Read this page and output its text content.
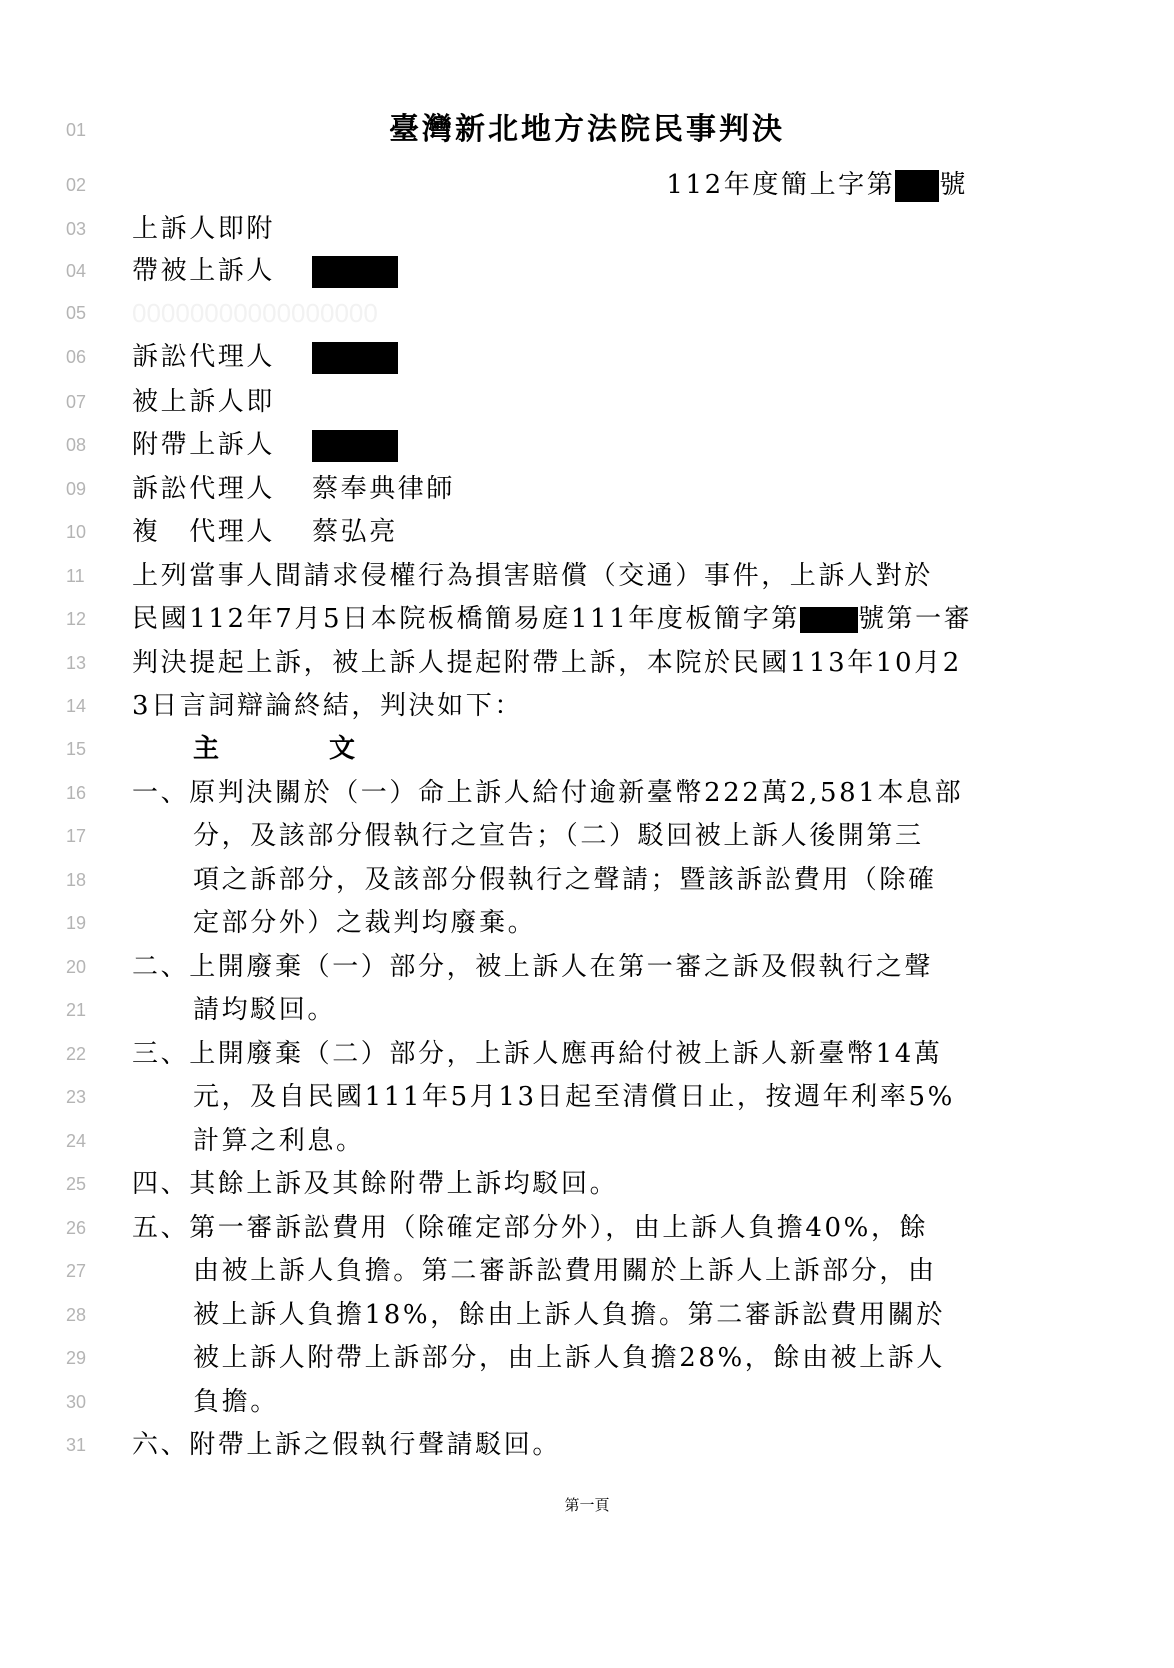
臺灣新北地方法院民事判決
112年度簡上字第 號
上訴人即附
帶被上訴人
00000000000000000
訴訟代理人
被上訴人即
附帶上訴人
訴訟代理人 蔡奉典律師
複　代理人 蔡弘亮
上列當事人間請求侵權行為損害賠償（交通）事件，上訴人對於
民國112年7月5日本院板橋簡易庭111年度板簡字第 號第一審
判決提起上訴，被上訴人提起附帶上訴，本院於民國113年10月2
3日言詞辯論終結，判決如下：
主　　　文
一、原判決關於（一）命上訴人給付逾新臺幣222萬2,581本息部
分，及該部分假執行之宣告；（二）駁回被上訴人後開第三
項之訴部分，及該部分假執行之聲請；暨該訴訟費用（除確
定部分外）之裁判均廢棄。
二、上開廢棄（一）部分，被上訴人在第一審之訴及假執行之聲
請均駁回。
三、上開廢棄（二）部分，上訴人應再給付被上訴人新臺幣14萬
元，及自民國111年5月13日起至清償日止，按週年利率5%
計算之利息。
四、其餘上訴及其餘附帶上訴均駁回。
五、第一審訴訟費用（除確定部分外），由上訴人負擔40%，餘
由被上訴人負擔。第二審訴訟費用關於上訴人上訴部分，由
被上訴人負擔18%，餘由上訴人負擔。第二審訴訟費用關於
被上訴人附帶上訴部分，由上訴人負擔28%，餘由被上訴人
負擔。
六、附帶上訴之假執行聲請駁回。
第一頁
01
02
03
04
05
06
07
08
09
10
11
12
13
14
15
16
17
18
19
20
21
22
23
24
25
26
27
28
29
30
31
